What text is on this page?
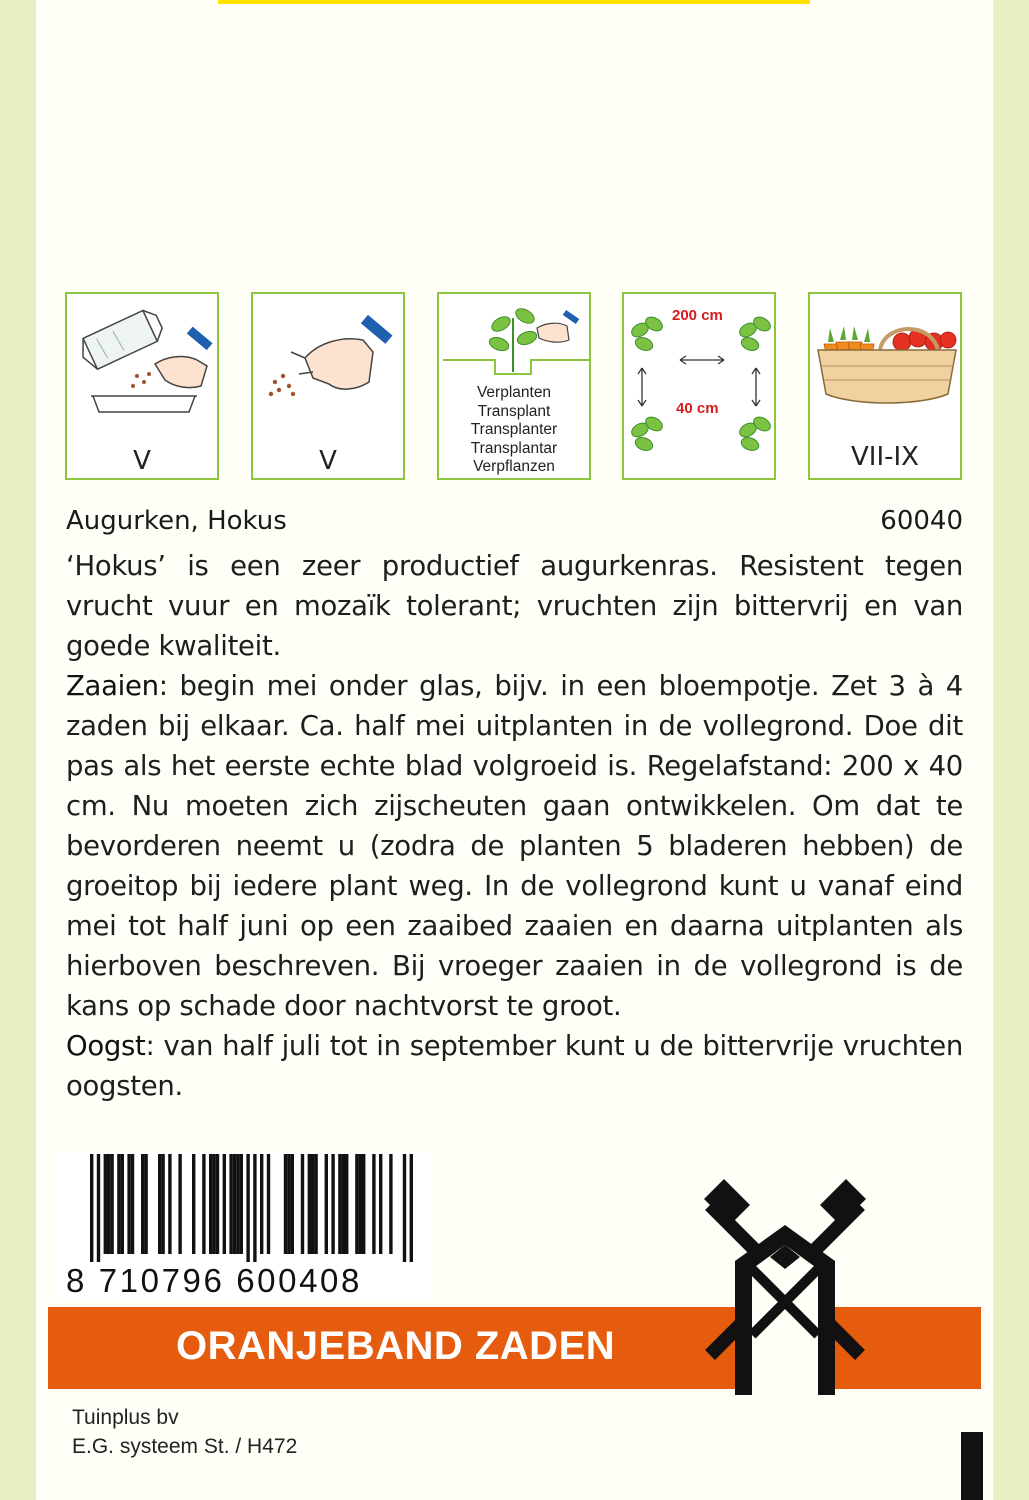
V	V
Verplanten
Transplant
Transplanter
Transplantar
Verpflanzen
200 cm
40 cm
VII-IX
Augurken, Hokus	60040

‘Hokus’ is een zeer productief augurkenras. Resistent tegen vrucht vuur en mozaïk tolerant; vruchten zijn bittervrij en van goede kwaliteit.

Zaaien: begin mei onder glas, bijv. in een bloempotje. Zet 3 à 4 zaden bij elkaar. Ca. half mei uitplanten in de vollegrond. Doe dit pas als het eerste echte blad volgroeid is. Regelafstand: 200 x 40 cm. Nu moeten zich zijscheuten gaan ontwikkelen. Om dat te bevorderen neemt u (zodra de planten 5 bladeren hebben) de groeitop bij iedere plant weg. In de vollegrond kunt u vanaf eind mei tot half juni op een zaaibed zaaien en daarna uitplanten als hierboven beschreven. Bij vroeger zaaien in de vollegrond is de kans op schade door nachtvorst te groot.

Oogst: van half juli tot in september kunt u de bittervrije vruchten oogsten.

8 710796 600408
ORANJEBAND ZADEN
Tuinplus bv
E.G. systeem St. / H472
